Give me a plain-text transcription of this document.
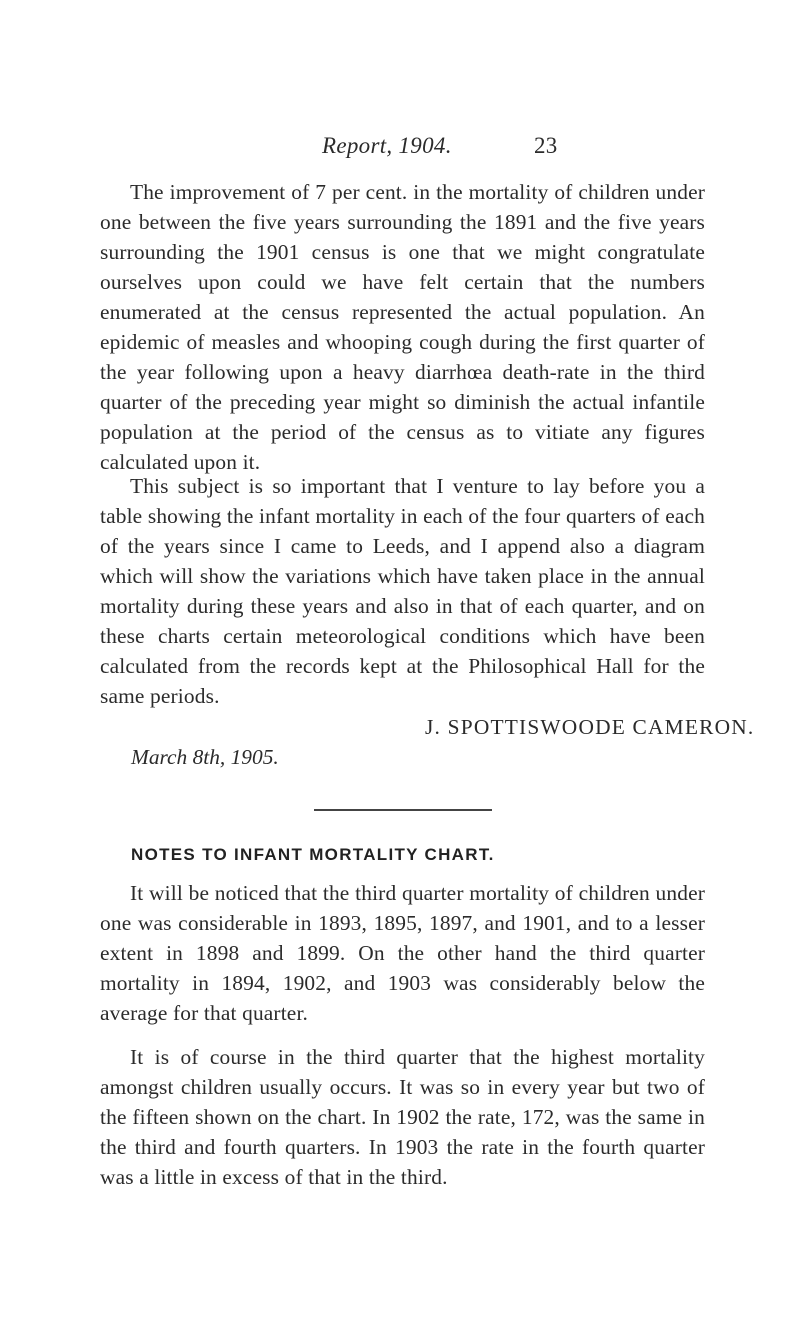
Report, 1904.	23

The improvement of 7 per cent. in the mortality of children under one between the five years surrounding the 1891 and the five years surrounding the 1901 census is one that we might congratulate ourselves upon could we have felt certain that the numbers enumerated at the census represented the actual population. An epidemic of measles and whooping cough during the first quarter of the year following upon a heavy diarrhœa death-rate in the third quarter of the preceding year might so diminish the actual infantile population at the period of the census as to vitiate any figures calculated upon it.

This subject is so important that I venture to lay before you a table showing the infant mortality in each of the four quarters of each of the years since I came to Leeds, and I append also a diagram which will show the variations which have taken place in the annual mortality during these years and also in that of each quarter, and on these charts certain meteorological conditions which have been calculated from the records kept at the Philosophical Hall for the same periods.

J. SPOTTISWOODE CAMERON.
March 8th, 1905.
NOTES TO INFANT MORTALITY CHART.

It will be noticed that the third quarter mortality of children under one was considerable in 1893, 1895, 1897, and 1901, and to a lesser extent in 1898 and 1899. On the other hand the third quarter mortality in 1894, 1902, and 1903 was considerably below the average for that quarter.

It is of course in the third quarter that the highest mortality amongst children usually occurs. It was so in every year but two of the fifteen shown on the chart. In 1902 the rate, 172, was the same in the third and fourth quarters. In 1903 the rate in the fourth quarter was a little in excess of that in the third.
